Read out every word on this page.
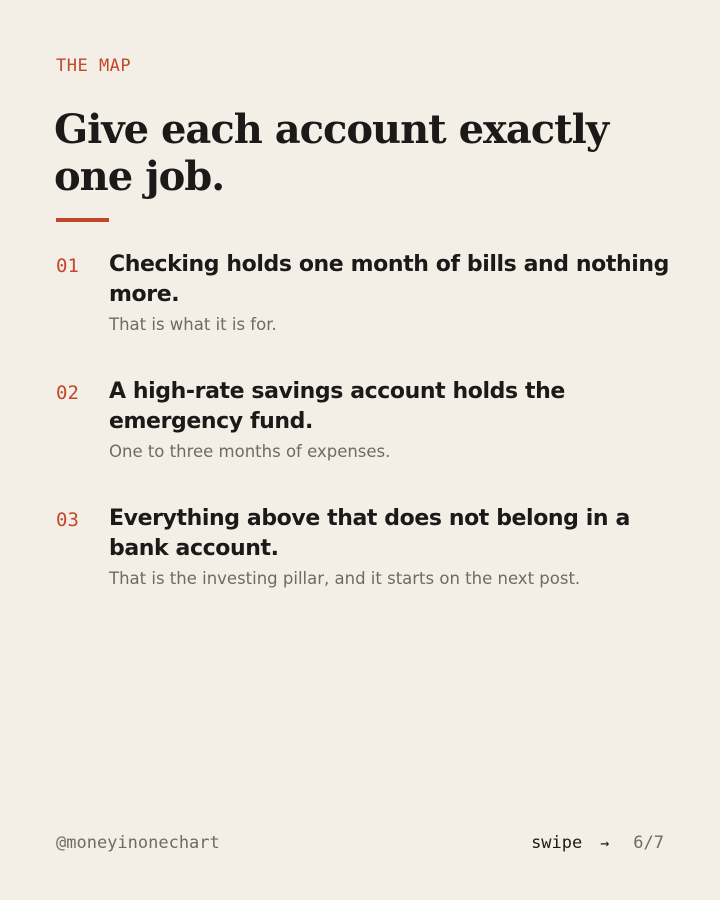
THE MAP
Give each account exactly one job.
01 Checking holds one month of bills and nothing more.
That is what it is for.
02 A high-rate savings account holds the emergency fund.
One to three months of expenses.
03 Everything above that does not belong in a bank account.
That is the investing pillar, and it starts on the next post.
@moneyinonechart	swipe → 6/7
